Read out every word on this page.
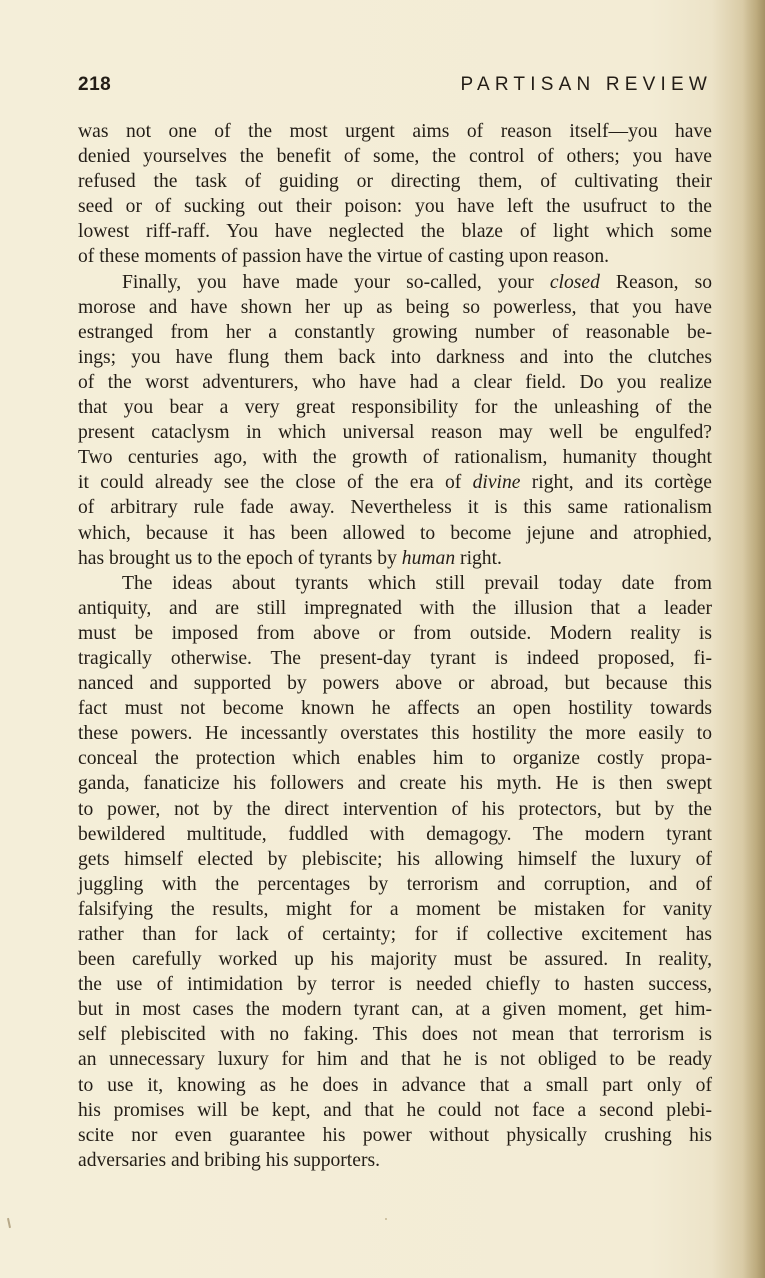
218	PARTISAN REVIEW
was not one of the most urgent aims of reason itself—you have
denied yourselves the benefit of some, the control of others; you have
refused the task of guiding or directing them, of cultivating their
seed or of sucking out their poison: you have left the usufruct to the
lowest riff-raff. You have neglected the blaze of light which some
of these moments of passion have the virtue of casting upon reason.
Finally, you have made your so-called, your closed Reason, so
morose and have shown her up as being so powerless, that you have
estranged from her a constantly growing number of reasonable be-
ings; you have flung them back into darkness and into the clutches
of the worst adventurers, who have had a clear field. Do you realize
that you bear a very great responsibility for the unleashing of the
present cataclysm in which universal reason may well be engulfed?
Two centuries ago, with the growth of rationalism, humanity thought
it could already see the close of the era of divine right, and its cortège
of arbitrary rule fade away. Nevertheless it is this same rationalism
which, because it has been allowed to become jejune and atrophied,
has brought us to the epoch of tyrants by human right.
The ideas about tyrants which still prevail today date from
antiquity, and are still impregnated with the illusion that a leader
must be imposed from above or from outside. Modern reality is
tragically otherwise. The present-day tyrant is indeed proposed, fi-
nanced and supported by powers above or abroad, but because this
fact must not become known he affects an open hostility towards
these powers. He incessantly overstates this hostility the more easily to
conceal the protection which enables him to organize costly propa-
ganda, fanaticize his followers and create his myth. He is then swept
to power, not by the direct intervention of his protectors, but by the
bewildered multitude, fuddled with demagogy. The modern tyrant
gets himself elected by plebiscite; his allowing himself the luxury of
juggling with the percentages by terrorism and corruption, and of
falsifying the results, might for a moment be mistaken for vanity
rather than for lack of certainty; for if collective excitement has
been carefully worked up his majority must be assured. In reality,
the use of intimidation by terror is needed chiefly to hasten success,
but in most cases the modern tyrant can, at a given moment, get him-
self plebiscited with no faking. This does not mean that terrorism is
an unnecessary luxury for him and that he is not obliged to be ready
to use it, knowing as he does in advance that a small part only of
his promises will be kept, and that he could not face a second plebi-
scite nor even guarantee his power without physically crushing his
adversaries and bribing his supporters.
